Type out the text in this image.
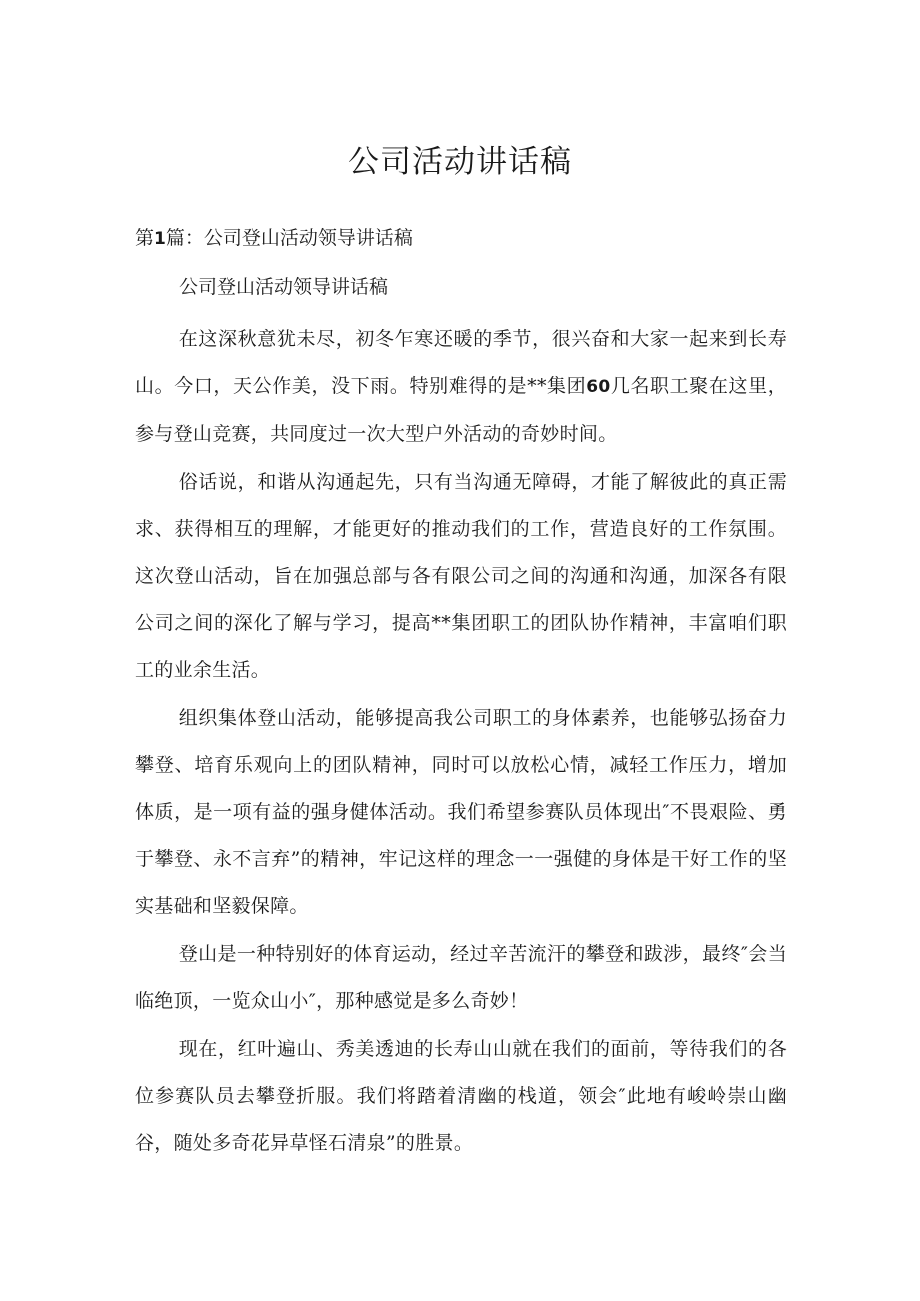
公司活动讲话稿
第1篇：公司登山活动领导讲话稿

公司登山活动领导讲话稿

在这深秋意犹未尽，初冬乍寒还暖的季节，很兴奋和大家一起来到长寿山。今口，天公作美，没下雨。特别难得的是**集团60几名职工聚在这里，参与登山竞赛，共同度过一次大型户外活动的奇妙时间。

俗话说，和谐从沟通起先，只有当沟通无障碍，才能了解彼此的真正需求、获得相互的理解，才能更好的推动我们的工作，营造良好的工作氛围。这次登山活动，旨在加强总部与各有限公司之间的沟通和沟通，加深各有限公司之间的深化了解与学习，提高**集团职工的团队协作精神，丰富咱们职工的业余生活。

组织集体登山活动，能够提高我公司职工的身体素养，也能够弘扬奋力攀登、培育乐观向上的团队精神，同时可以放松心情，减轻工作压力，增加体质，是一项有益的强身健体活动。我们希望参赛队员体现出″不畏艰险、勇于攀登、永不言弃”的精神，牢记这样的理念一一强健的身体是干好工作的坚实基础和坚毅保障。

登山是一种特别好的体育运动，经过辛苦流汗的攀登和跋涉，最终″会当临绝顶，一览众山小″，那种感觉是多么奇妙！

现在，红叶遍山、秀美透迪的长寿山山就在我们的面前，等待我们的各位参赛队员去攀登折服。我们将踏着清幽的栈道，领会″此地有峻岭崇山幽谷，随处多奇花异草怪石清泉”的胜景。
